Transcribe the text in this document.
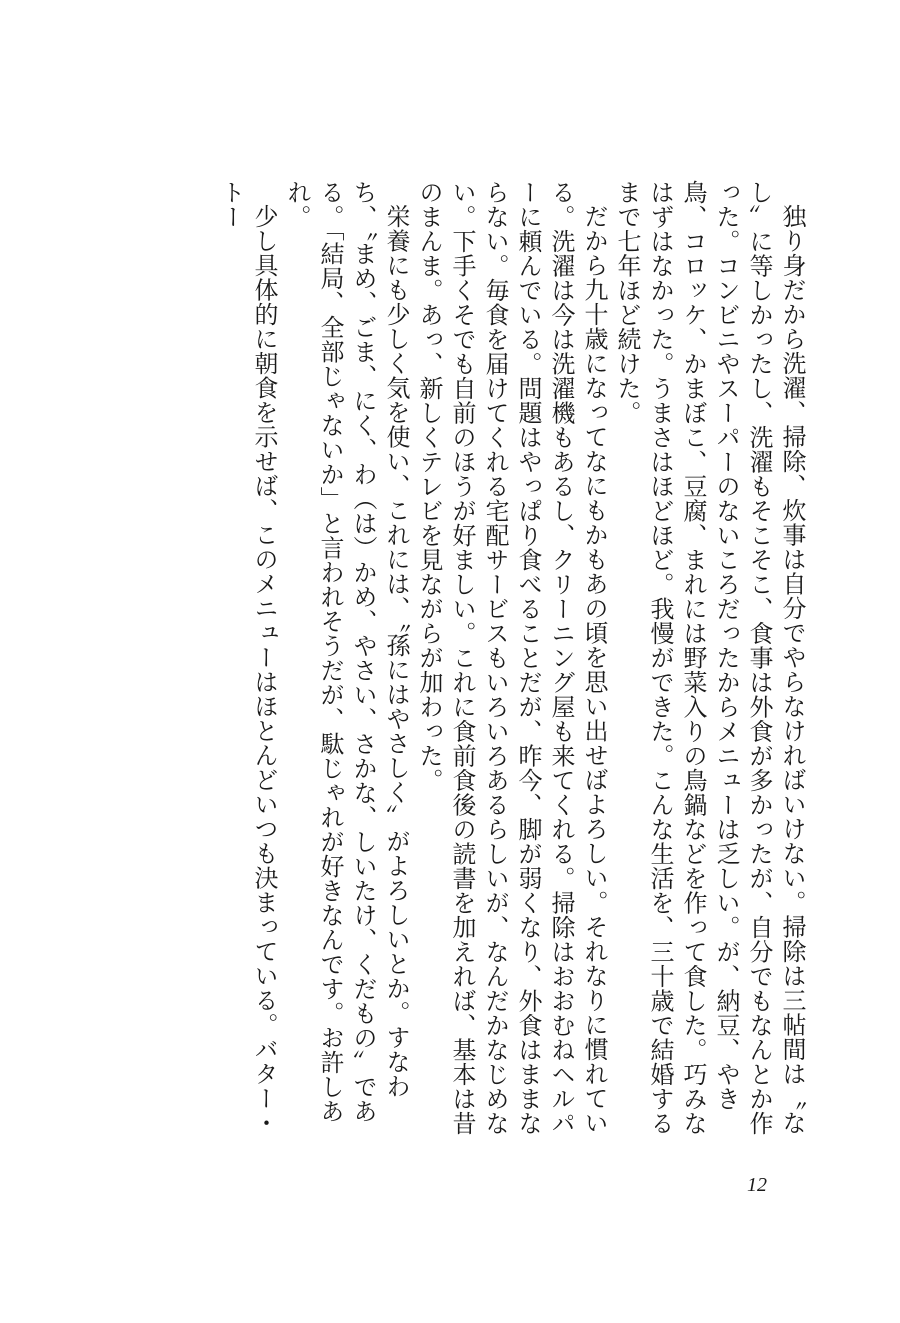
独り身だから洗濯、掃除、炊事は自分でやらなければいけない。掃除は三帖間は〝なし〟に等しかったし、洗濯もそこそこ、食事は外食が多かったが、自分でもなんとか作った。コンビニやスーパーのないころだったからメニューは乏しい。が、納豆、やき鳥、コロッケ、かまぼこ、豆腐、まれには野菜入りの鳥鍋などを作って食した。巧みなはずはなかった。うまさはほどほど。我慢ができた。こんな生活を、三十歳で結婚するまで七年ほど続けた。

だから九十歳になってなにもかもあの頃を思い出せばよろしい。それなりに慣れている。洗濯は今は洗濯機もあるし、クリーニング屋も来てくれる。掃除はおおむねヘルパーに頼んでいる。問題はやっぱり食べることだが、昨今、脚が弱くなり、外食はままならない。毎食を届けてくれる宅配サービスもいろいろあるらしいが、なんだかなじめない。下手くそでも自前のほうが好ましい。これに食前食後の読書を加えれば、基本は昔のまんま。あっ、新しくテレビを見ながらが加わった。

栄養にも少しく気を使い、これには、〝孫にはやさしく〟がよろしいとか。すなわち、〝まめ、ごま、にく、わ（は）かめ、やさい、さかな、しいたけ、くだもの〟である。「結局、全部じゃないか」と言われそうだが、駄じゃれが好きなんです。お許しあれ。

少し具体的に朝食を示せば、このメニューはほとんどいつも決まっている。バター・トー

12
